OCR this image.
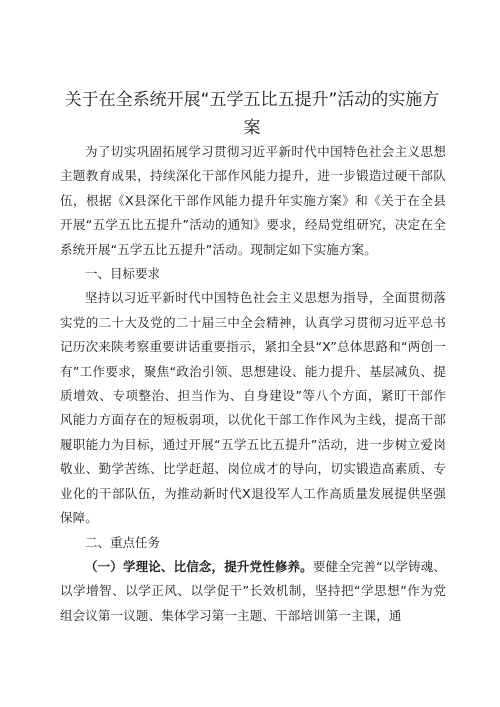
关于在全系统开展“五学五比五提升”活动的实施方案

为了切实巩固拓展学习贯彻习近平新时代中国特色社会主义思想主题教育成果，持续深化干部作风能力提升，进一步锻造过硬干部队伍，根据《X县深化干部作风能力提升年实施方案》和《关于在全县开展“五学五比五提升”活动的通知》要求，经局党组研究，决定在全系统开展“五学五比五提升”活动。现制定如下实施方案。

一、目标要求

坚持以习近平新时代中国特色社会主义思想为指导，全面贯彻落实党的二十大及党的二十届三中全会精神，认真学习贯彻习近平总书记历次来陕考察重要讲话重要指示，紧扣全县“X”总体思路和“两创一有”工作要求，聚焦“政治引领、思想建设、能力提升、基层减负、提质增效、专项整治、担当作为、自身建设”等八个方面，紧盯干部作风能力方面存在的短板弱项，以优化干部工作作风为主线，提高干部履职能力为目标，通过开展“五学五比五提升”活动，进一步树立爱岗敬业、勤学苦练、比学赶超、岗位成才的导向，切实锻造高素质、专业化的干部队伍，为推动新时代X退役军人工作高质量发展提供坚强保障。

二、重点任务

（一）学理论、比信念，提升党性修养。要健全完善“以学铸魂、以学增智、以学正风、以学促干”长效机制，坚持把“学思想”作为党组会议第一议题、集体学习第一主题、干部培训第一主课，通
